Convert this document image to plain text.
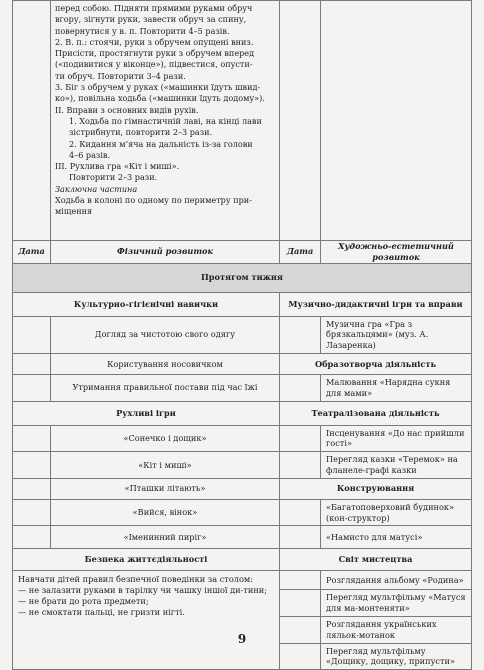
перед собою. Підняти прямими руками обруч
вгору, зігнути руки, завести обруч за спину,
повернутися у в. п. Повторити 4–5 разів.
2. В. п.: стоячи, руки з обручем опущені вниз.
Присісти, простягнути руки з обручем вперед
(«подивитися у віконце»), підвестися, опусти-
ти обруч. Повторити 3–4 рази.
3. Біг з обручем у руках («машинки їдуть швид-
ко»), повільна ходьба («машинки їдуть додому»).
ІІ. Вправи з основних видів рухів.
1. Ходьба по гімнастичній лаві, на кінці лави
зістрибнути, повторити 2–3 рази.
2. Кидання м’яча на дальність із-за голови
4–6 разів.
ІІІ. Рухлива гра «Кіт і миші».
Повторити 2–3 рази.
Заключна частина
Ходьба в колоні по одному по периметру при-
міщення

Дата	Фізичний розвиток	Дата	Художньо-естетичний розвиток
Протягом тижня			
Культурно-гігієнічні навички		Музично-дидактичні ігри та вправи	
	Догляд за чистотою свого одягу		Музична гра «Гра з брязкальцями» (муз. А. Лазаренка)
	Користування носовичком	Образотворча діяльність	
	Утримання правильної постави під час їжі		Малювання «Нарядна сукня для мами»
Рухливі ігри		Театралізована діяльність	
	«Сонечко і дощик»		Інсценування «До нас прийшли гості»
	«Кіт і миші»		Перегляд казки «Теремок» на фланеле-графі казки
	«Пташки літають»	Конструювання	
	«Вийся, вінок»		«Багатоповерховий будинок» (кон-структор)
	«Іменинний пиріг»		«Намисто для матусі»
Безпека життєдіяльності		Світ мистецтва	

Навчати дітей правил безпечної поведінки за столом:
— не залазити руками в тарілку чи чашку іншої ди-тини;
— не брати до рота предмети;
— не смоктати пальці, не гризти нігті.			Розглядання альбому «Родина»
			Перегляд мультфільму «Матуся для ма-монтеняти»
			Розглядання українських ляльок-мотанок
			Перегляд мультфільму «Дощику, дощику, припусти»
9
